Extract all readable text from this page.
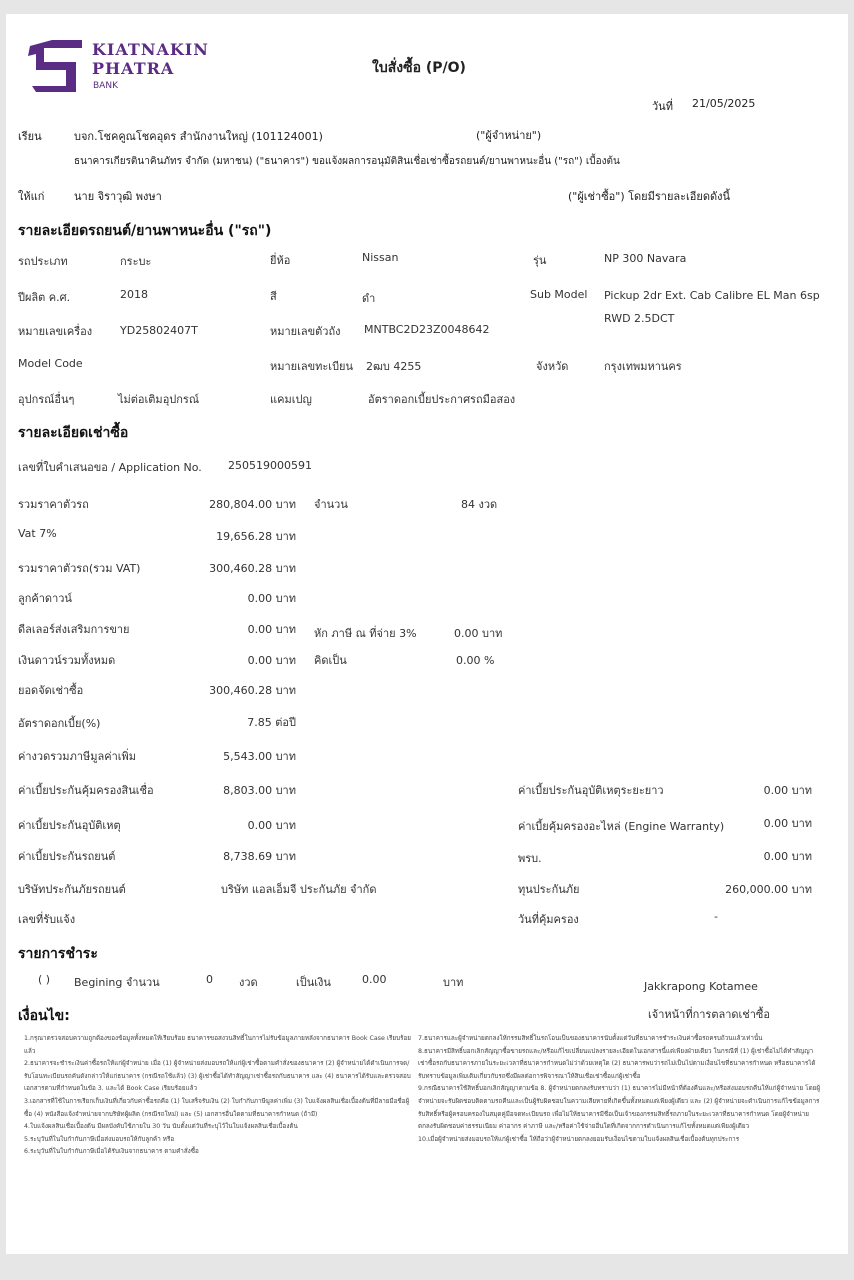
KIATNAKIN
PHATRA
BANK
ใบสั่งซื้อ (P/O)
วันที่ 21/05/2025
เรียน	บจก.โชคคูณโชคอุดร สำนักงานใหญ่ (101124001)	("ผู้จำหน่าย")
ธนาคารเกียรตินาคินภัทร จำกัด (มหาชน) ("ธนาคาร") ขอแจ้งผลการอนุมัติสินเชื่อเช่าซื้อรถยนต์/ยานพาหนะอื่น ("รถ") เบื้องต้น
ให้แก่	นาย จิราวุฒิ พงษา	("ผู้เช่าซื้อ") โดยมีรายละเอียดดังนี้
รายละเอียดรถยนต์/ยานพาหนะอื่น ("รถ")
รถประเภท	กระบะ	ยี่ห้อ	Nissan	รุ่น	NP 300 Navara
ปีผลิต ค.ศ.	2018	สี	ดำ	Sub Model Pickup 2dr Ext. Cab Calibre EL Man 6sp
RWD 2.5DCT
หมายเลขเครื่อง	YD25802407T	หมายเลขตัวถัง MNTBC2D23Z0048642
Model Code	หมายเลขทะเบียน 2ฒบ 4255	จังหวัด	กรุงเทพมหานคร
อุปกรณ์อื่นๆ	ไม่ต่อเติมอุปกรณ์	แคมเปญ	อัตราดอกเบี้ยประกาศรถมือสอง
รายละเอียดเช่าซื้อ
เลขที่ใบคำเสนอขอ / Application No. 250519000591
รวมราคาตัวรถ	280,804.00 บาท จำนวน	84 งวด
Vat 7%	19,656.28 บาท
รวมราคาตัวรถ(รวม VAT)	300,460.28 บาท
ลูกค้าดาวน์	0.00 บาท
ดีลเลอร์ส่งเสริมการขาย	0.00 บาท หัก ภาษี ณ ที่จ่าย 3%	0.00 บาท
เงินดาวน์รวมทั้งหมด	0.00 บาท คิดเป็น	0.00 %
ยอดจัดเช่าซื้อ	300,460.28 บาท
อัตราดอกเบี้ย(%)	7.85 ต่อปี
ค่างวดรวมภาษีมูลค่าเพิ่ม	5,543.00 บาท
ค่าเบี้ยประกันคุ้มครองสินเชื่อ	8,803.00 บาท	ค่าเบี้ยประกันอุบัติเหตุระยะยาว	0.00 บาท
ค่าเบี้ยประกันอุบัติเหตุ	0.00 บาท	ค่าเบี้ยคุ้มครองอะไหล่ (Engine Warranty)	0.00 บาท
ค่าเบี้ยประกันรถยนต์	8,738.69 บาท	พรบ.	0.00 บาท
บริษัทประกันภัยรถยนต์	บริษัท แอลเอ็มจี ประกันภัย จำกัด	ทุนประกันภัย	260,000.00 บาท
เลขที่รับแจ้ง	วันที่คุ้มครอง	-
รายการชำระ
( ) Begining จำนวน	0 งวด	เป็นเงิน	0.00	บาท	Jakkrapong Kotamee
เจ้าหน้าที่การตลาดเช่าซื้อ
เงื่อนไข:
1.กรุณาตรวจสอบความถูกต้องของข้อมูลทั้งหมดให้เรียบร้อย ธนาคารขอสงวนสิทธิ์ในการไม่รับข้อมูลภายหลังจากธนาคาร Book Case เรียบร้อยแล้ว
2.ธนาคารจะชำระเงินค่าซื้อรถให้แก่ผู้จำหน่าย เมื่อ (1) ผู้จำหน่ายส่งมอบรถให้แก่ผู้เช่าซื้อตามคำสั่งของธนาคาร (2) ผู้จำหน่ายได้ดำเนินการจด/รับโอนทะเบียนรถคันดังกล่าวให้แก่ธนาคาร (กรณีรถใช้แล้ว) (3) ผู้เช่าซื้อได้ทำสัญญาเช่าซื้อรถกับธนาคาร และ (4) ธนาคารได้รับและตรวจสอบเอกสารตามที่กำหนดในข้อ 3. และได้ Book Case เรียบร้อยแล้ว
3.เอกสารที่ใช้ในการเรียกเก็บเงินที่เกี่ยวกับค่าซื้อรถคือ (1) ใบเสร็จรับเงิน (2) ใบกำกับภาษีมูลค่าเพิ่ม (3) ใบแจ้งผลสินเชื่อเบื้องต้นที่มีลายมือชื่อผู้ซื้อ (4) หนังสือแจ้งจำหน่ายจากบริษัทผู้ผลิต (กรณีรถใหม่) และ (5) เอกสารอื่นใดตามที่ธนาคารกำหนด (ถ้ามี)
4.ใบแจ้งผลสินเชื่อเบื้องต้น มีผลบังคับใช้ภายใน 30 วัน นับตั้งแต่วันที่ระบุไว้ในใบแจ้งผลสินเชื่อเบื้องต้น
5.ระบุวันที่ในใบกำกับภาษีเมื่อส่งมอบรถให้กับลูกค้า หรือ
6.ระบุวันที่ในใบกำกับภาษีเมื่อได้รับเงินจากธนาคาร ตามคำสั่งซื้อ
7.ธนาคารและผู้จำหน่ายตกลงให้กรรมสิทธิ์ในรถโอนเป็นของธนาคารนับตั้งแต่วันที่ธนาคารชำระเงินค่าซื้อรถครบถ้วนแล้วเท่านั้น
8.ธนาคารมีสิทธิ์บอกเลิกสัญญาซื้อขายรถและ/หรือแก้ไขเปลี่ยนแปลงรายละเอียดในเอกสารนี้แต่เพียงฝ่ายเดียว ในกรณีที่ (1) ผู้เช่าซื้อไม่ได้ทำสัญญาเช่าซื้อรถกับธนาคารภายในระยะเวลาที่ธนาคารกำหนดไม่ว่าด้วยเหตุใด (2) ธนาคารพบว่ารถไม่เป็นไปตามเงื่อนไขที่ธนาคารกำหนด หรือธนาคารได้รับทราบข้อมูลเพิ่มเติมเกี่ยวกับรถซึ่งมีผลต่อการพิจารณาให้สินเชื่อเช่าซื้อแก่ผู้เช่าซื้อ
9.กรณีธนาคารใช้สิทธิ์บอกเลิกสัญญาตามข้อ 8. ผู้จำหน่ายตกลงรับทราบว่า (1) ธนาคารไม่มีหน้าที่ต้องคืนและ/หรือส่งมอบรถคืนให้แก่ผู้จำหน่าย โดยผู้จำหน่ายจะรับผิดชอบติดตามรถคืนและเป็นผู้รับผิดชอบในความเสียหายที่เกิดขึ้นทั้งหมดแต่เพียงผู้เดียว และ (2) ผู้จำหน่ายจะดำเนินการแก้ไขข้อมูลการรับสิทธิ์หรือผู้ครอบครองในสมุดคู่มือจดทะเบียนรถ เพื่อไม่ให้ธนาคารมีชื่อเป็นเจ้าของกรรมสิทธิ์รถภายในระยะเวลาที่ธนาคารกำหนด โดยผู้จำหน่ายตกลงรับผิดชอบค่าธรรมเนียม ค่าอากร ค่าภาษี และ/หรือค่าใช้จ่ายอื่นใดที่เกิดจากการดำเนินการแก้ไขทั้งหมดแต่เพียงผู้เดียว
10.เมื่อผู้จำหน่ายส่งมอบรถให้แก่ผู้เช่าซื้อ ให้ถือว่าผู้จำหน่ายตกลงยอมรับเงื่อนไขตามใบแจ้งผลสินเชื่อเบื้องต้นทุกประการ
